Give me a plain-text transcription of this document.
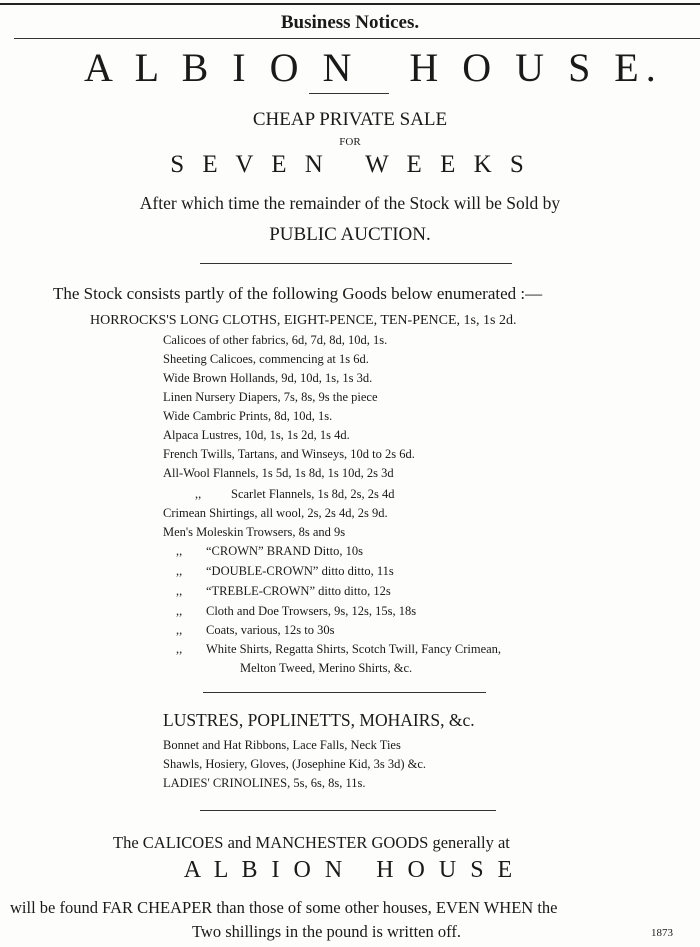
Business Notices.
A L B I O N   H O U S E.
CHEAP PRIVATE SALE
FOR
S E V E N   W E E K S
After which time the remainder of the Stock will be Sold by
PUBLIC AUCTION.
The Stock consists partly of the following Goods below enumerated :—
HORROCKS'S LONG CLOTHS, EIGHT-PENCE, TEN-PENCE, 1s, 1s 2d.
Calicoes of other fabrics, 6d, 7d, 8d, 10d, 1s.
Sheeting Calicoes, commencing at 1s 6d.
Wide Brown Hollands, 9d, 10d, 1s, 1s 3d.
Linen Nursery Diapers, 7s, 8s, 9s the piece
Wide Cambric Prints, 8d, 10d, 1s.
Alpaca Lustres, 10d, 1s, 1s 2d, 1s 4d.
French Twills, Tartans, and Winseys, 10d to 2s 6d.
All-Wool Flannels, 1s 5d, 1s 8d, 1s 10d, 2s 3d
,, Scarlet Flannels, 1s 8d, 2s, 2s 4d
Crimean Shirtings, all wool, 2s, 2s 4d, 2s 9d.
Men's Moleskin Trowsers, 8s and 9s
,, “CROWN” BRAND Ditto, 10s
,, “DOUBLE-CROWN” ditto ditto, 11s
,, “TREBLE-CROWN” ditto ditto, 12s
,, Cloth and Doe Trowsers, 9s, 12s, 15s, 18s
,, Coats, various, 12s to 30s
,, White Shirts, Regatta Shirts, Scotch Twill, Fancy Crimean,
Melton Tweed, Merino Shirts, &c.
LUSTRES, POPLINETTS, MOHAIRS, &c.
Bonnet and Hat Ribbons, Lace Falls, Neck Ties
Shawls, Hosiery, Gloves, (Josephine Kid, 3s 3d) &c.
LADIES' CRINOLINES, 5s, 6s, 8s, 11s.
The CALICOES and MANCHESTER GOODS generally at
A L B I O N   H O U S E
will be found FAR CHEAPER than those of some other houses, EVEN WHEN the
Two shillings in the pound is written off.	1873
